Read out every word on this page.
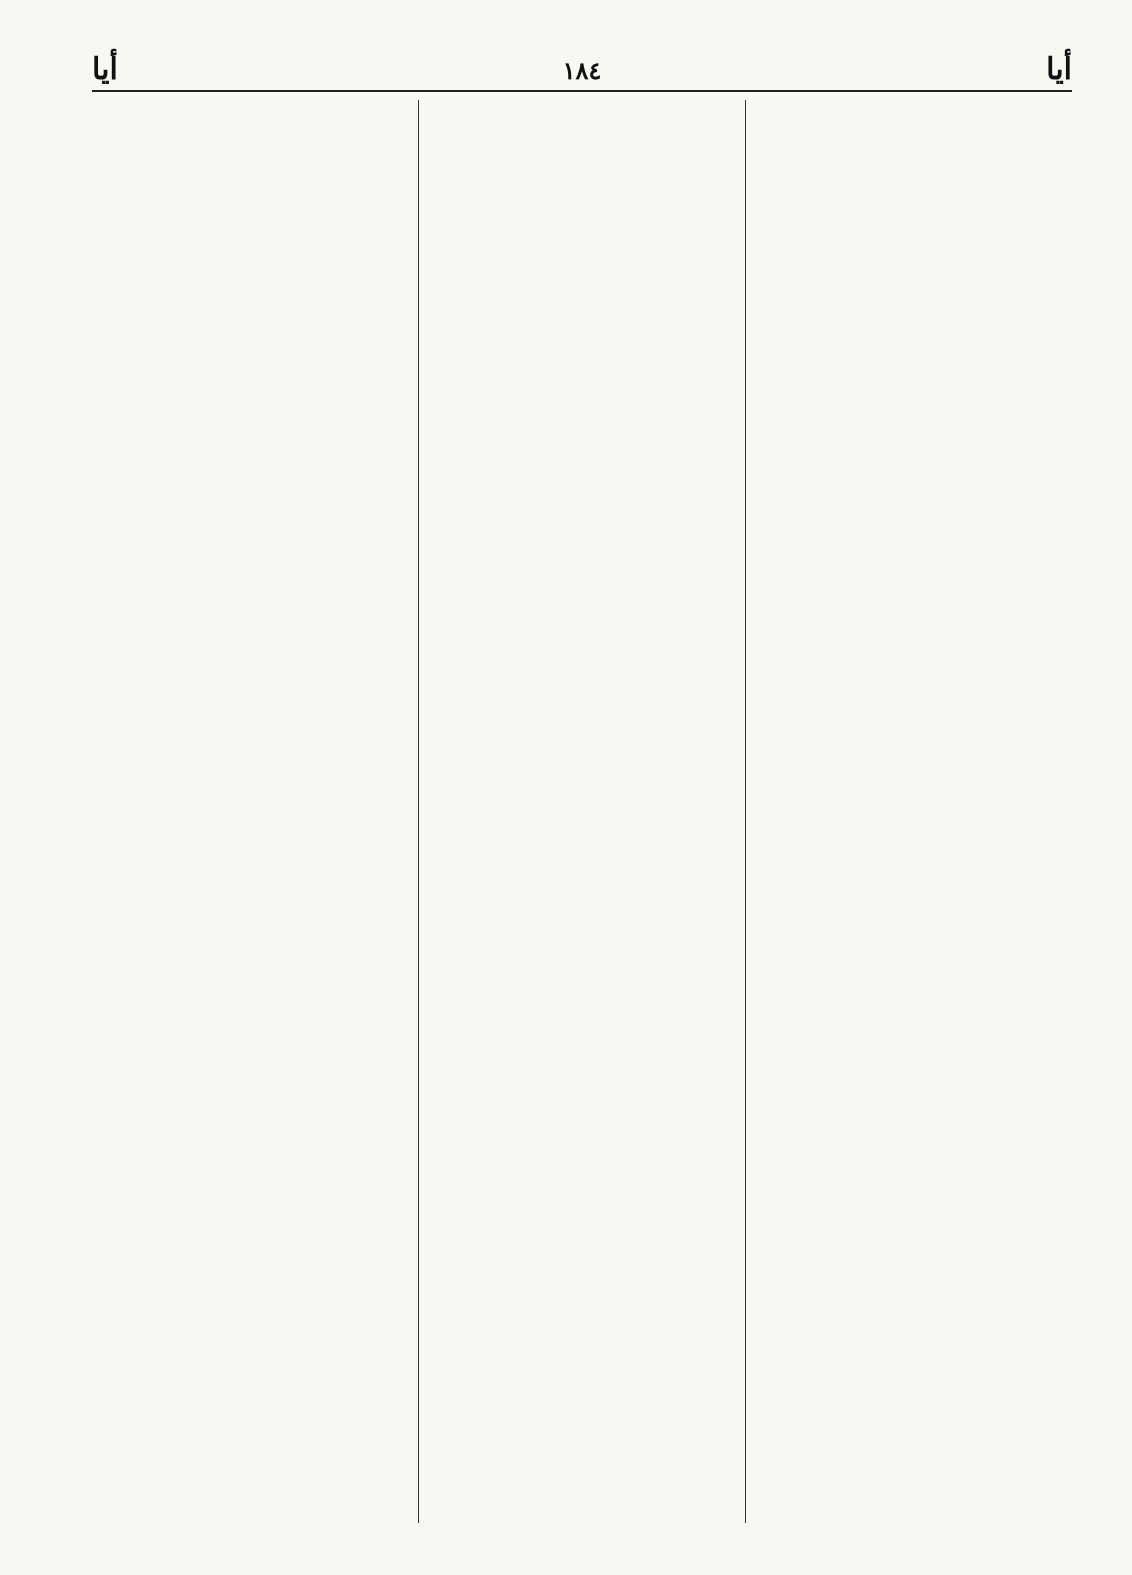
أيا
١٨٤
أيا
